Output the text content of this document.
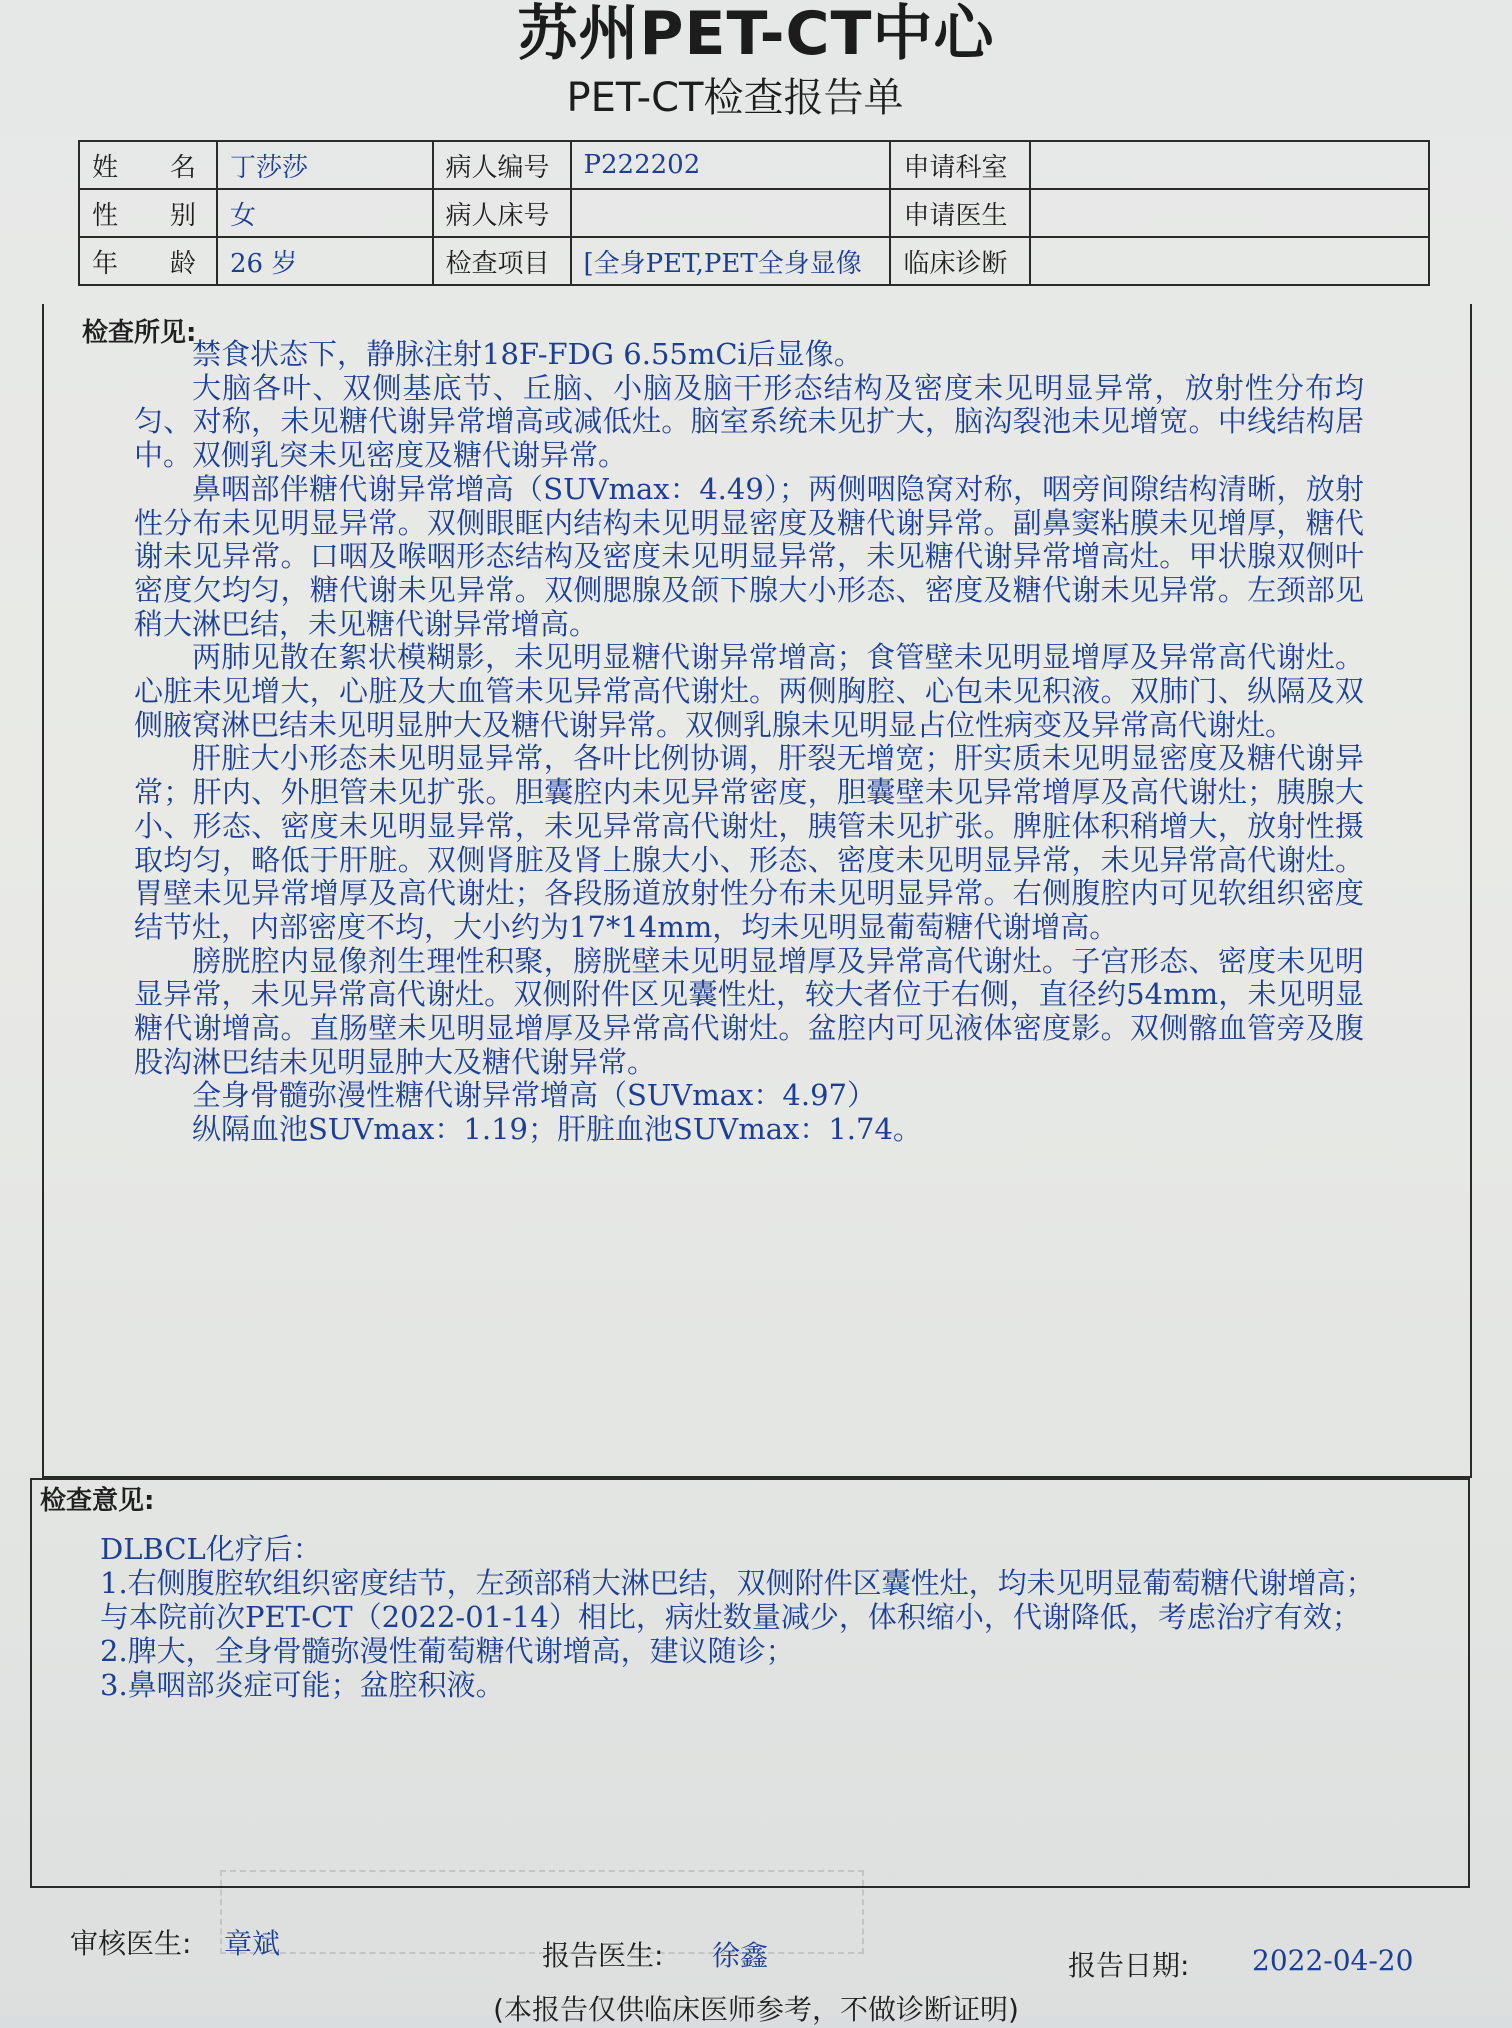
苏州PET-CT中心
PET-CT检查报告单
姓　　名	丁莎莎	病人编号	P222202	申请科室	
性　　别	女	病人床号		申请医生	
年　　龄	26 岁	检查项目	[全身PET,PET全身显像	临床诊断	
检查所见:

禁食状态下，静脉注射18F-FDG 6.55mCi后显像。

大脑各叶、双侧基底节、丘脑、小脑及脑干形态结构及密度未见明显异常，放射性分布均匀、对称，未见糖代谢异常增高或减低灶。脑室系统未见扩大，脑沟裂池未见增宽。中线结构居中。双侧乳突未见密度及糖代谢异常。

鼻咽部伴糖代谢异常增高（SUVmax：4.49）；两侧咽隐窝对称，咽旁间隙结构清晰，放射性分布未见明显异常。双侧眼眶内结构未见明显密度及糖代谢异常。副鼻窦粘膜未见增厚，糖代谢未见异常。口咽及喉咽形态结构及密度未见明显异常，未见糖代谢异常增高灶。甲状腺双侧叶密度欠均匀，糖代谢未见异常。双侧腮腺及颌下腺大小形态、密度及糖代谢未见异常。左颈部见稍大淋巴结，未见糖代谢异常增高。

两肺见散在絮状模糊影，未见明显糖代谢异常增高；食管壁未见明显增厚及异常高代谢灶。心脏未见增大，心脏及大血管未见异常高代谢灶。两侧胸腔、心包未见积液。双肺门、纵隔及双侧腋窝淋巴结未见明显肿大及糖代谢异常。双侧乳腺未见明显占位性病变及异常高代谢灶。

肝脏大小形态未见明显异常，各叶比例协调，肝裂无增宽；肝实质未见明显密度及糖代谢异常；肝内、外胆管未见扩张。胆囊腔内未见异常密度，胆囊壁未见异常增厚及高代谢灶；胰腺大小、形态、密度未见明显异常，未见异常高代谢灶，胰管未见扩张。脾脏体积稍增大，放射性摄取均匀，略低于肝脏。双侧肾脏及肾上腺大小、形态、密度未见明显异常，未见异常高代谢灶。胃壁未见异常增厚及高代谢灶；各段肠道放射性分布未见明显异常。右侧腹腔内可见软组织密度结节灶，内部密度不均，大小约为17*14mm，均未见明显葡萄糖代谢增高。

膀胱腔内显像剂生理性积聚，膀胱壁未见明显增厚及异常高代谢灶。子宫形态、密度未见明显异常，未见异常高代谢灶。双侧附件区见囊性灶，较大者位于右侧，直径约54mm，未见明显糖代谢增高。直肠壁未见明显增厚及异常高代谢灶。盆腔内可见液体密度影。双侧髂血管旁及腹股沟淋巴结未见明显肿大及糖代谢异常。

全身骨髓弥漫性糖代谢异常增高（SUVmax：4.97）

纵隔血池SUVmax：1.19；肝脏血池SUVmax：1.74。

检查意见:

DLBCL化疗后：

1.右侧腹腔软组织密度结节，左颈部稍大淋巴结，双侧附件区囊性灶，均未见明显葡萄糖代谢增高；与本院前次PET-CT（2022-01-14）相比，病灶数量减少，体积缩小，代谢降低，考虑治疗有效；

2.脾大，全身骨髓弥漫性葡萄糖代谢增高，建议随诊；

3.鼻咽部炎症可能；盆腔积液。

审核医生: 章斌	报告医生: 徐鑫	报告日期: 2022-04-20
(本报告仅供临床医师参考，不做诊断证明)
